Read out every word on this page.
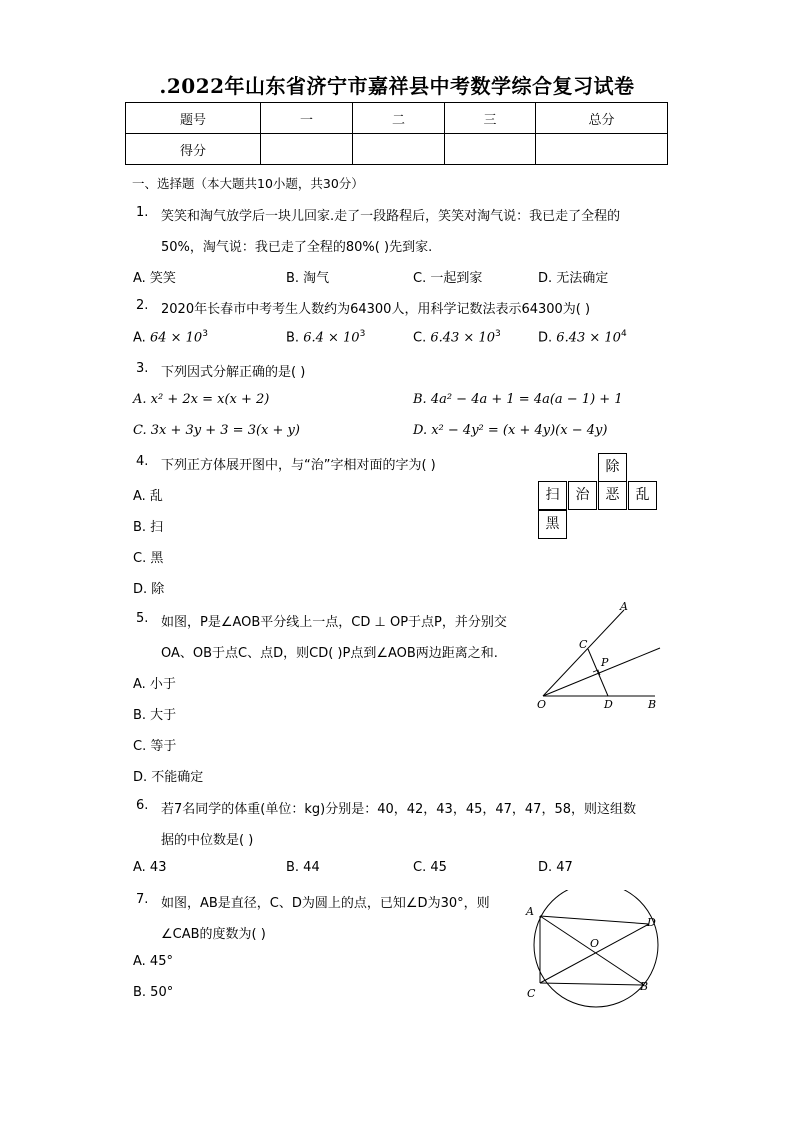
.2022年山东省济宁市嘉祥县中考数学综合复习试卷
题号	一	二	三	总分
得分				
一、选择题（本大题共10小题，共30分）
1. 笑笑和淘气放学后一块儿回家.走了一段路程后，笑笑对淘气说：我已走了全程的
50%，淘气说：我已走了全程的80%( )先到家.
A. 笑笑	B. 淘气	C. 一起到家	D. 无法确定
2. 2020年长春市中考考生人数约为64300人，用科学记数法表示64300为( )
A. $64 \times 10^3$	B. $6.4 \times 10^3$	C. $6.43 \times 10^3$	D. $6.43 \times 10^4$
3. 下列因式分解正确的是( )
A. x² + 2x = x(x + 2)	B. 4a² − 4a + 1 = 4a(a − 1) + 1
C. 3x + 3y + 3 = 3(x + y)	D. x² − 4y² = (x + 4y)(x − 4y)
4. 下列正方体展开图中，与“治”字相对面的字为( )
A. 乱
B. 扫
C. 黑
D. 除
除
扫	治	恶	乱
黑
5. 如图，P是∠AOB平分线上一点，CD ⊥ OP于点P，并分别交
OA、OB于点C、点D，则CD( )P点到∠AOB两边距离之和.
A. 小于
B. 大于
C. 等于
D. 不能确定
A
C
P
O	D	B
6. 若7名同学的体重(单位：kg)分别是：40，42，43，45，47，47，58，则这组数
据的中位数是( )
A. 43	B. 44	C. 45	D. 47
7. 如图，AB是直径，C、D为圆上的点，已知∠D为30°，则
∠CAB的度数为( )
A. 45°
B. 50°
A
D
O
C
B
